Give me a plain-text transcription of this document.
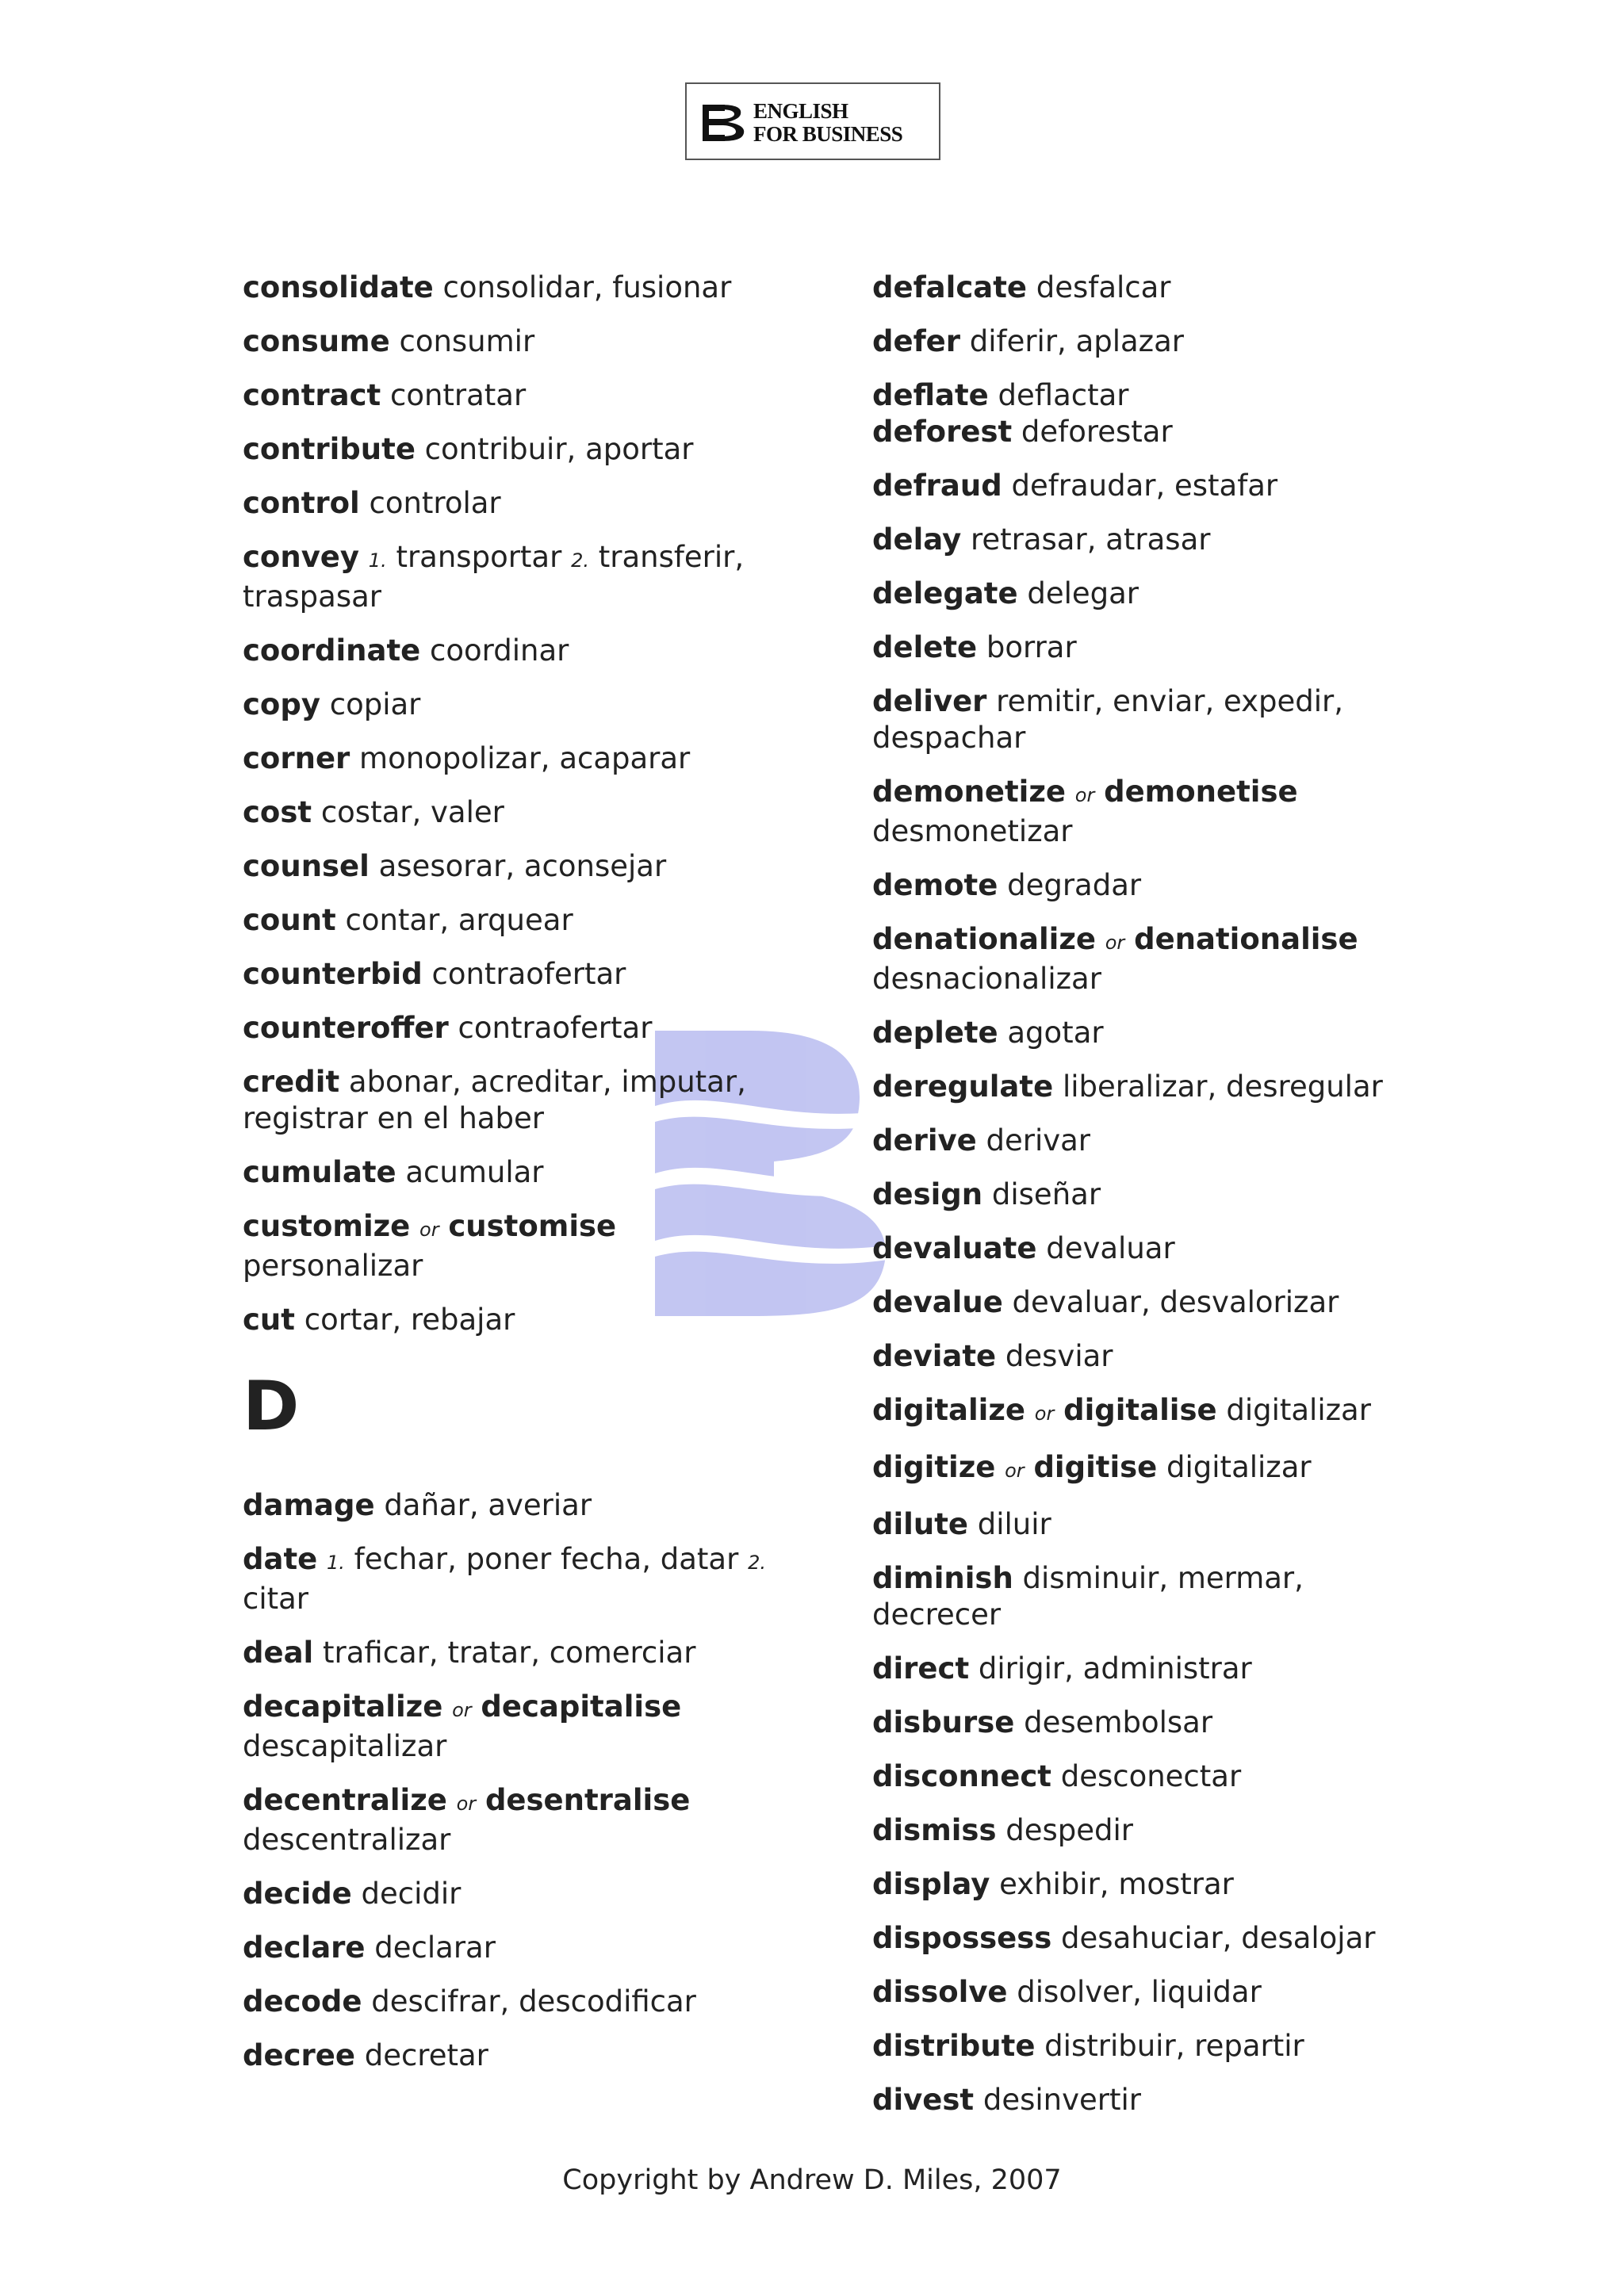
ENGLISH
FOR BUSINESS
consolidate consolidar, fusionar
consume consumir
contract contratar
contribute contribuir, aportar
control controlar
convey 1. transportar 2. transferir, traspasar
coordinate coordinar
copy copiar
corner monopolizar, acaparar
cost costar, valer
counsel asesorar, aconsejar
count contar, arquear
counterbid contraofertar
counteroffer contraofertar
credit abonar, acreditar, imputar, registrar en el haber
cumulate acumular
customize or customise personalizar
cut cortar, rebajar
D
damage dañar, averiar
date 1. fechar, poner fecha, datar 2. citar
deal traficar, tratar, comerciar
decapitalize or decapitalise descapitalizar
decentralize or desentralise descentralizar
decide decidir
declare declarar
decode descifrar, descodificar
decree decretar
defalcate desfalcar
defer diferir, aplazar
deflate deflactar
deforest deforestar
defraud defraudar, estafar
delay retrasar, atrasar
delegate delegar
delete borrar
deliver remitir, enviar, expedir, despachar
demonetize or demonetise desmonetizar
demote degradar
denationalize or denationalise desnacionalizar
deplete agotar
deregulate liberalizar, desregular
derive derivar
design diseñar
devaluate devaluar
devalue devaluar, desvalorizar
deviate desviar
digitalize or digitalise digitalizar
digitize or digitise digitalizar
dilute diluir
diminish disminuir, mermar, decrecer
direct dirigir, administrar
disburse desembolsar
disconnect desconectar
dismiss despedir
display exhibir, mostrar
dispossess desahuciar, desalojar
dissolve disolver, liquidar
distribute distribuir, repartir
divest desinvertir
Copyright by Andrew D. Miles, 2007
